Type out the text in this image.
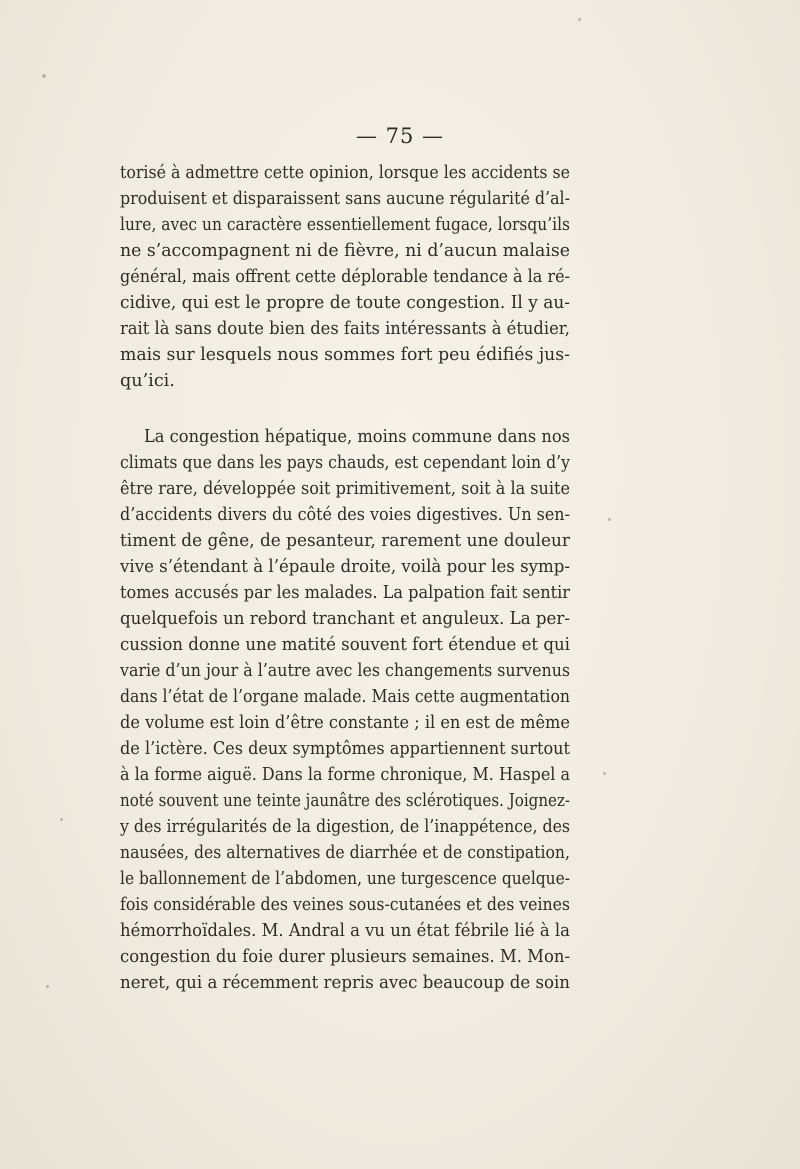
— 75 —
torisé à admettre cette opinion, lorsque les accidents se
produisent et disparaissent sans aucune régularité d’al-
lure, avec un caractère essentiellement fugace, lorsqu’ils
ne s’accompagnent ni de fièvre, ni d’aucun malaise
général, mais offrent cette déplorable tendance à la ré-
cidive, qui est le propre de toute congestion. Il y au-
rait là sans doute bien des faits intéressants à étudier,
mais sur lesquels nous sommes fort peu édifiés jus-
qu’ici.
La congestion hépatique, moins commune dans nos
climats que dans les pays chauds, est cependant loin d’y
être rare, développée soit primitivement, soit à la suite
d’accidents divers du côté des voies digestives. Un sen-
timent de gêne, de pesanteur, rarement une douleur
vive s’étendant à l’épaule droite, voilà pour les symp-
tomes accusés par les malades. La palpation fait sentir
quelquefois un rebord tranchant et anguleux. La per-
cussion donne une matité souvent fort étendue et qui
varie d’un jour à l’autre avec les changements survenus
dans l’état de l’organe malade. Mais cette augmentation
de volume est loin d’être constante ; il en est de même
de l’ictère. Ces deux symptômes appartiennent surtout
à la forme aiguë. Dans la forme chronique, M. Haspel a
noté souvent une teinte jaunâtre des sclérotiques. Joignez-
y des irrégularités de la digestion, de l’inappétence, des
nausées, des alternatives de diarrhée et de constipation,
le ballonnement de l’abdomen, une turgescence quelque-
fois considérable des veines sous-cutanées et des veines
hémorrhoïdales. M. Andral a vu un état fébrile lié à la
congestion du foie durer plusieurs semaines. M. Mon-
neret, qui a récemment repris avec beaucoup de soin
